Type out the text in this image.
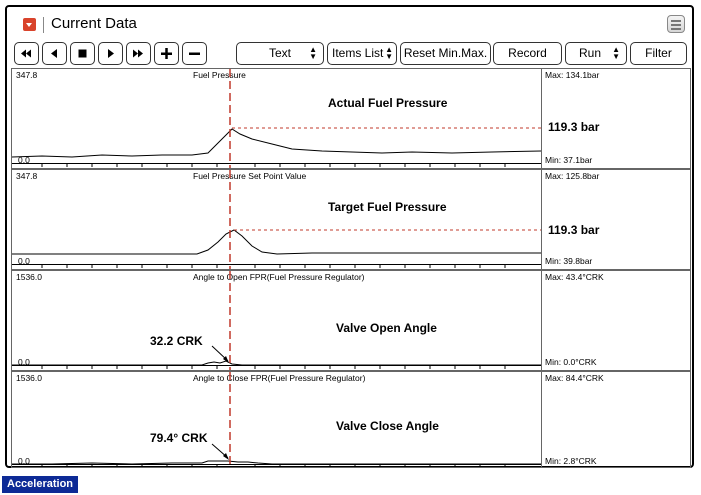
Current Data
Text ▲
▼	Items List ▲
▼ Reset Min.Max.	Record	Run ▲
▼	Filter
347.8	Fuel Pressure
0.0
Actual Fuel Pressure
119.3 bar
Max: 134.1bar
Min: 37.1bar
347.8	Fuel Pressure Set Point Value
0.0
Target Fuel Pressure
119.3 bar
Max: 125.8bar
Min: 39.8bar
1536.0	Angle to Open FPR(Fuel Pressure Regulator)
0.0
Valve Open Angle
32.2 CRK
Max: 43.4°CRK
Min: 0.0°CRK
1536.0	Angle to Close FPR(Fuel Pressure Regulator)
0.0
Valve Close Angle
79.4° CRK
Max: 84.4°CRK
Min: 2.8°CRK
Acceleration
